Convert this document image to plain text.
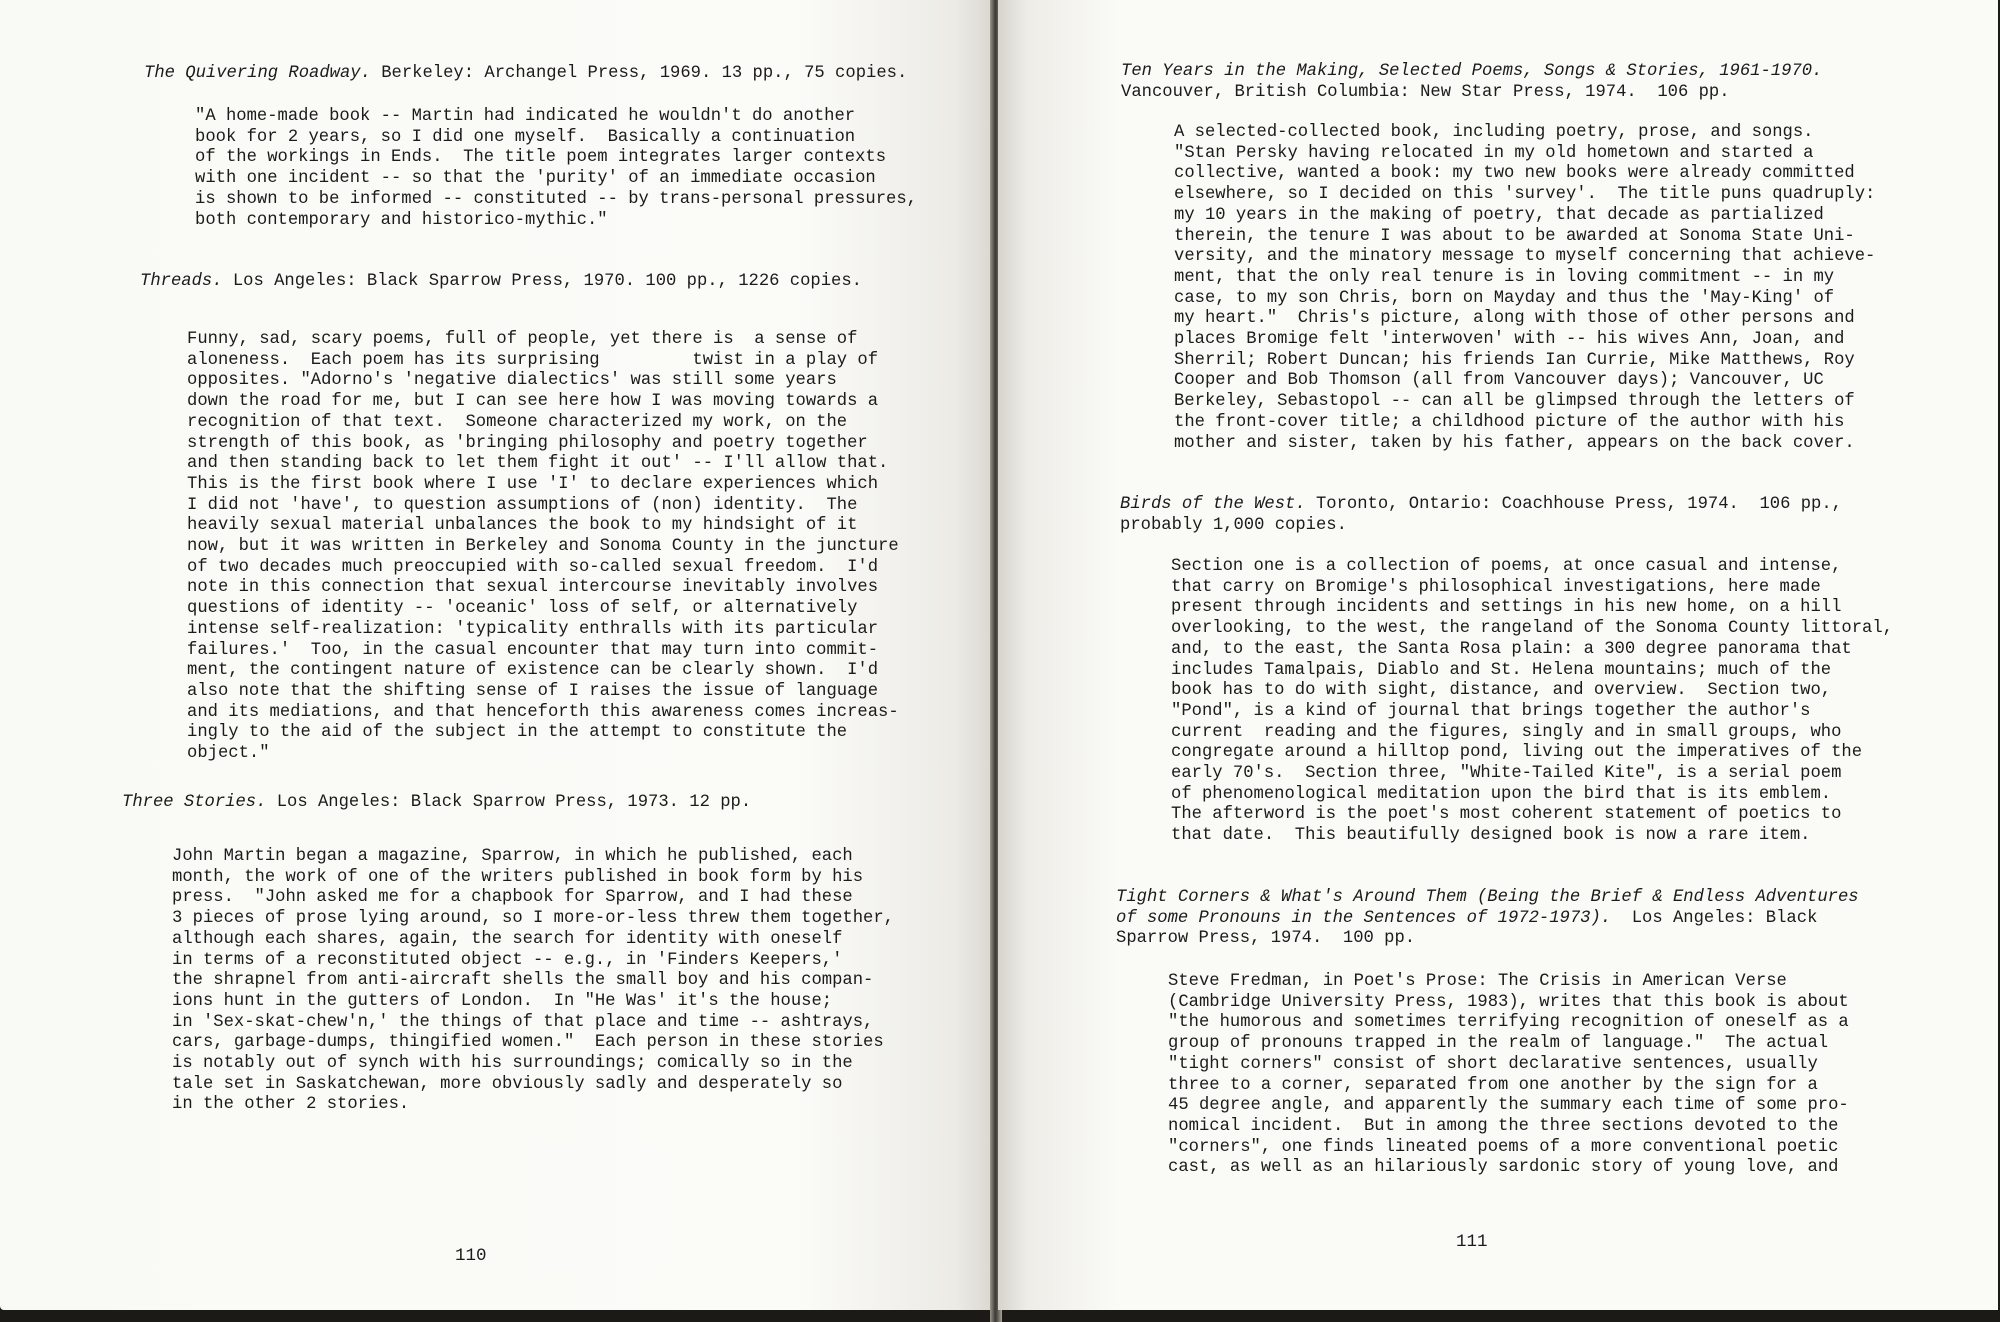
The Quivering Roadway. Berkeley: Archangel Press, 1969. 13 pp., 75 copies.
"A home-made book -- Martin had indicated he wouldn't do another
book for 2 years, so I did one myself.  Basically a continuation
of the workings in Ends.  The title poem integrates larger contexts
with one incident -- so that the 'purity' of an immediate occasion
is shown to be informed -- constituted -- by trans-personal pressures,
both contemporary and historico-mythic."
Threads. Los Angeles: Black Sparrow Press, 1970. 100 pp., 1226 copies.
Funny, sad, scary poems, full of people, yet there is  a sense of
aloneness.  Each poem has its surprising         twist in a play of
opposites. "Adorno's 'negative dialectics' was still some years
down the road for me, but I can see here how I was moving towards a
recognition of that text.  Someone characterized my work, on the
strength of this book, as 'bringing philosophy and poetry together
and then standing back to let them fight it out' -- I'll allow that.
This is the first book where I use 'I' to declare experiences which
I did not 'have', to question assumptions of (non) identity.  The
heavily sexual material unbalances the book to my hindsight of it
now, but it was written in Berkeley and Sonoma County in the juncture
of two decades much preoccupied with so-called sexual freedom.  I'd
note in this connection that sexual intercourse inevitably involves
questions of identity -- 'oceanic' loss of self, or alternatively
intense self-realization: 'typicality enthralls with its particular
failures.'  Too, in the casual encounter that may turn into commit-
ment, the contingent nature of existence can be clearly shown.  I'd
also note that the shifting sense of I raises the issue of language
and its mediations, and that henceforth this awareness comes increas-
ingly to the aid of the subject in the attempt to constitute the
object."
Three Stories. Los Angeles: Black Sparrow Press, 1973. 12 pp.
John Martin began a magazine, Sparrow, in which he published, each
month, the work of one of the writers published in book form by his
press.  "John asked me for a chapbook for Sparrow, and I had these
3 pieces of prose lying around, so I more-or-less threw them together,
although each shares, again, the search for identity with oneself
in terms of a reconstituted object -- e.g., in 'Finders Keepers,'
the shrapnel from anti-aircraft shells the small boy and his compan-
ions hunt in the gutters of London.  In "He Was' it's the house;
in 'Sex-skat-chew'n,' the things of that place and time -- ashtrays,
cars, garbage-dumps, thingified women."  Each person in these stories
is notably out of synch with his surroundings; comically so in the
tale set in Saskatchewan, more obviously sadly and desperately so
in the other 2 stories.
110
Ten Years in the Making, Selected Poems, Songs & Stories, 1961-1970.
Vancouver, British Columbia: New Star Press, 1974.  106 pp.
A selected-collected book, including poetry, prose, and songs.
"Stan Persky having relocated in my old hometown and started a
collective, wanted a book: my two new books were already committed
elsewhere, so I decided on this 'survey'.  The title puns quadruply:
my 10 years in the making of poetry, that decade as partialized
therein, the tenure I was about to be awarded at Sonoma State Uni-
versity, and the minatory message to myself concerning that achieve-
ment, that the only real tenure is in loving commitment -- in my
case, to my son Chris, born on Mayday and thus the 'May-King' of
my heart."  Chris's picture, along with those of other persons and
places Bromige felt 'interwoven' with -- his wives Ann, Joan, and
Sherril; Robert Duncan; his friends Ian Currie, Mike Matthews, Roy
Cooper and Bob Thomson (all from Vancouver days); Vancouver, UC
Berkeley, Sebastopol -- can all be glimpsed through the letters of
the front-cover title; a childhood picture of the author with his
mother and sister, taken by his father, appears on the back cover.
Birds of the West. Toronto, Ontario: Coachhouse Press, 1974.  106 pp.,
probably 1,000 copies.
Section one is a collection of poems, at once casual and intense,
that carry on Bromige's philosophical investigations, here made
present through incidents and settings in his new home, on a hill
overlooking, to the west, the rangeland of the Sonoma County littoral,
and, to the east, the Santa Rosa plain: a 300 degree panorama that
includes Tamalpais, Diablo and St. Helena mountains; much of the
book has to do with sight, distance, and overview.  Section two,
"Pond", is a kind of journal that brings together the author's
current  reading and the figures, singly and in small groups, who
congregate around a hilltop pond, living out the imperatives of the
early 70's.  Section three, "White-Tailed Kite", is a serial poem
of phenomenological meditation upon the bird that is its emblem.
The afterword is the poet's most coherent statement of poetics to
that date.  This beautifully designed book is now a rare item.
Tight Corners & What's Around Them (Being the Brief & Endless Adventures
of some Pronouns in the Sentences of 1972-1973).  Los Angeles: Black
Sparrow Press, 1974.  100 pp.
Steve Fredman, in Poet's Prose: The Crisis in American Verse
(Cambridge University Press, 1983), writes that this book is about
"the humorous and sometimes terrifying recognition of oneself as a
group of pronouns trapped in the realm of language."  The actual
"tight corners" consist of short declarative sentences, usually
three to a corner, separated from one another by the sign for a
45 degree angle, and apparently the summary each time of some pro-
nomical incident.  But in among the three sections devoted to the
"corners", one finds lineated poems of a more conventional poetic
cast, as well as an hilariously sardonic story of young love, and
111
